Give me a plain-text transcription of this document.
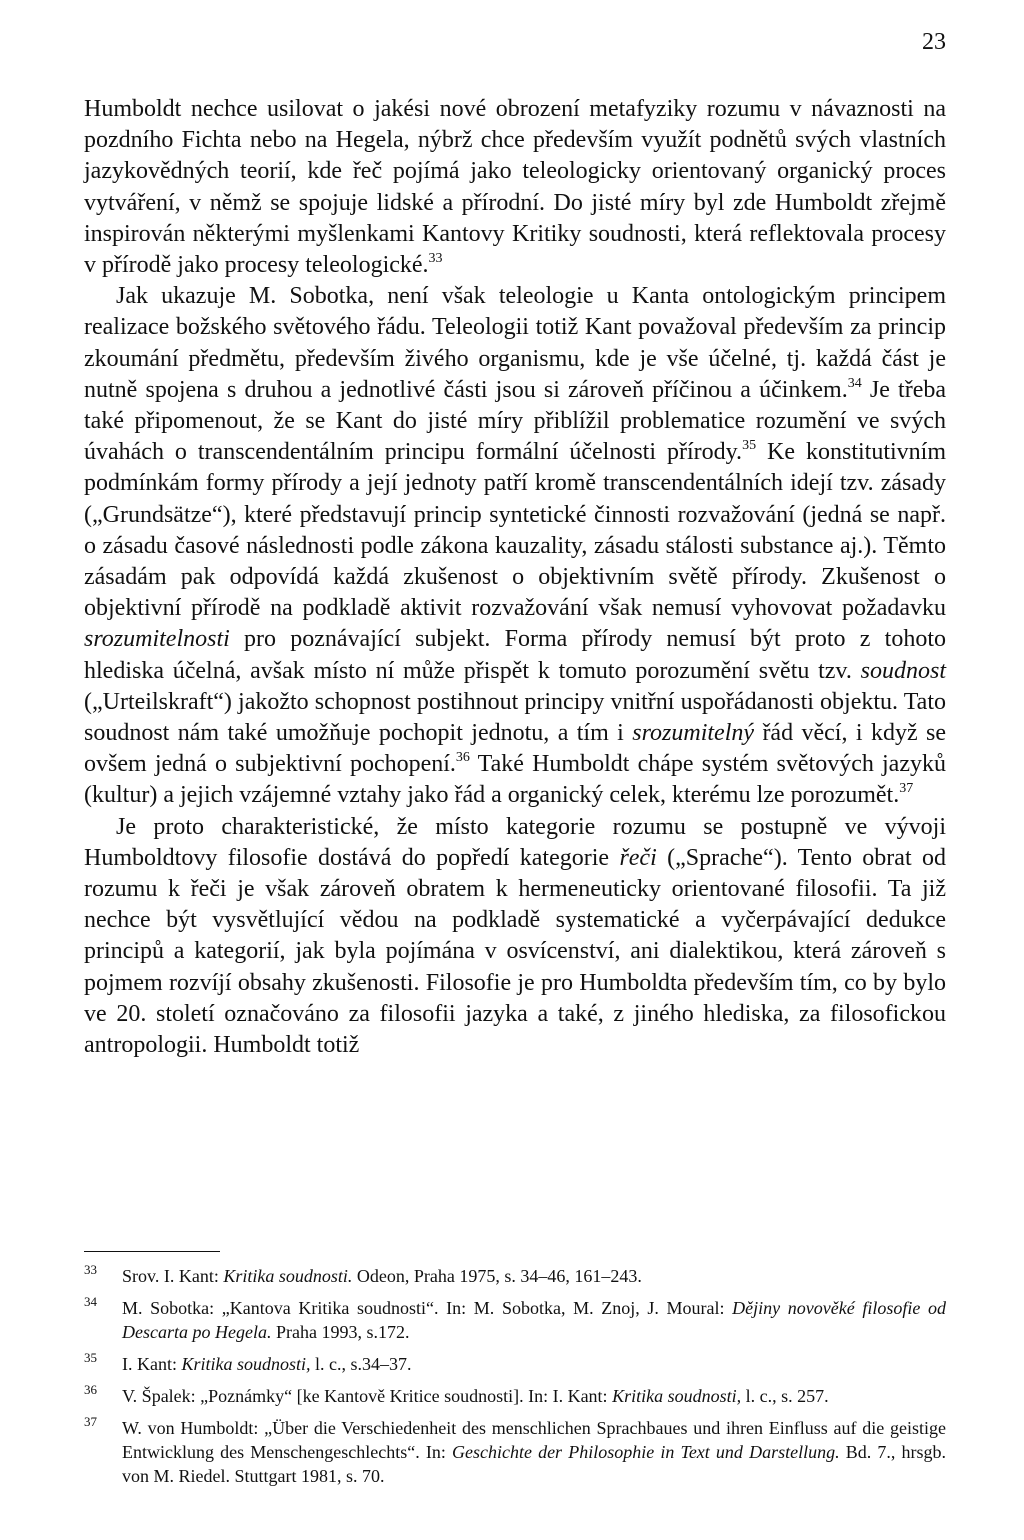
23

Humboldt nechce usilovat o jakési nové obrození metafyziky rozumu v návaznosti na pozdního Fichta nebo na Hegela, nýbrž chce především využít podnětů svých vlastních jazykovědných teorií, kde řeč pojímá jako teleologicky orientovaný organický proces vytváření, v němž se spojuje lidské a přírodní. Do jisté míry byl zde Humboldt zřejmě inspirován některými myšlenkami Kantovy Kritiky soudnosti, která reflektovala procesy v přírodě jako procesy teleologické.$^{33}$

Jak ukazuje M. Sobotka, není však teleologie u Kanta ontologickým principem realizace božského světového řádu. Teleologii totiž Kant považoval především za princip zkoumání předmětu, především živého organismu, kde je vše účelné, tj. každá část je nutně spojena s druhou a jednotlivé části jsou si zároveň příčinou a účinkem.$^{34}$ Je třeba také připomenout, že se Kant do jisté míry přiblížil problematice rozumění ve svých úvahách o transcendentálním principu formální účelnosti přírody.$^{35}$ Ke konstitutivním podmínkám formy přírody a její jednoty patří kromě transcendentálních idejí tzv. zásady („Grundsätze“), které představují princip syntetické činnosti rozvažování (jedná se např. o zásadu časové následnosti podle zákona kauzality, zásadu stálosti substance aj.). Těmto zásadám pak odpovídá každá zkušenost o objektivním světě přírody. Zkušenost o objektivní přírodě na podkladě aktivit rozvažování však nemusí vyhovovat požadavku srozumitelnosti pro poznávající subjekt. Forma přírody nemusí být proto z tohoto hlediska účelná, avšak místo ní může přispět k tomuto porozumění světu tzv. soudnost („Urteilskraft“) jakožto schopnost postihnout principy vnitřní uspořádanosti objektu. Tato soudnost nám také umožňuje pochopit jednotu, a tím i srozumitelný řád věcí, i když se ovšem jedná o subjektivní pochopení.$^{36}$ Také Humboldt chápe systém světových jazyků (kultur) a jejich vzájemné vztahy jako řád a organický celek, kterému lze porozumět.$^{37}$

Je proto charakteristické, že místo kategorie rozumu se postupně ve vývoji Humboldtovy filosofie dostává do popředí kategorie řeči („Sprache“). Tento obrat od rozumu k řeči je však zároveň obratem k hermeneuticky orientované filosofii. Ta již nechce být vysvětlující vědou na podkladě systematické a vyčerpávající dedukce principů a kategorií, jak byla pojímána v osvícenství, ani dialektikou, která zároveň s pojmem rozvíjí obsahy zkušenosti. Filosofie je pro Humboldta především tím, co by bylo ve 20. století označováno za filosofii jazyka a také, z jiného hlediska, za filosofickou antropologii. Humboldt totiž

33 Srov. I. Kant: Kritika soudnosti. Odeon, Praha 1975, s. 34–46, 161–243.
34 M. Sobotka: „Kantova Kritika soudnosti“. In: M. Sobotka, M. Znoj, J. Moural: Dějiny novověké filosofie od Descarta po Hegela. Praha 1993, s.172.
35 I. Kant: Kritika soudnosti, l. c., s.34–37.
36 V. Špalek: „Poznámky“ [ke Kantově Kritice soudnosti]. In: I. Kant: Kritika soudnosti, l. c., s. 257.
37 W. von Humboldt: „Über die Verschiedenheit des menschlichen Sprachbaues und ihren Einfluss auf die geistige Entwicklung des Menschengeschlechts“. In: Geschichte der Philosophie in Text und Darstellung. Bd. 7., hrsgb. von M. Riedel. Stuttgart 1981, s. 70.
